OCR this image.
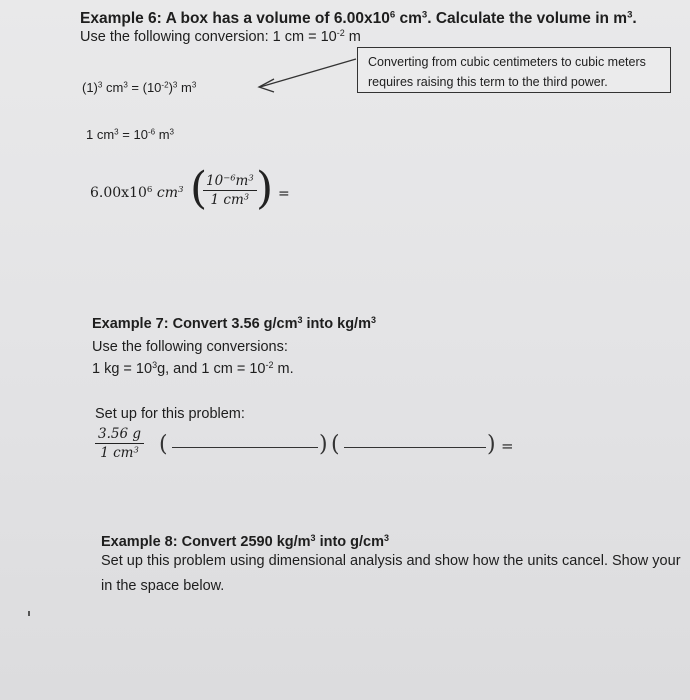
Example 6: A box has a volume of $6.00x10^6$ $cm^3$. Calculate the volume in $m^3$.
Use the following conversion: 1 cm = $10^{-2}$ m
Converting from cubic centimeters to cubic meters
requires raising this term to the third power.
$(1)^3$ $cm^3 = (10^{-2})^3$ $m^3$
1 $cm^3 = 10^{-6}$ $m^3$
$6.00x10^6$ $cm^3$ (
$\frac{10^{-6}m^3}{1 cm^3}$ ) =
Example 7: Convert 3.56 $g/cm^3$ into $kg/m^3$
Use the following conversions:
1 kg = $10^3g$, and 1 cm = $10^{-2}$ m.
Set up for this problem:
$\frac{3.56 g}{1 cm^3}$ (	) (	) =
Example 8: Convert 2590 $kg/m^3$ into $g/cm^3$
Set up this problem using dimensional analysis and show how the units cancel. Show your
in the space below.
